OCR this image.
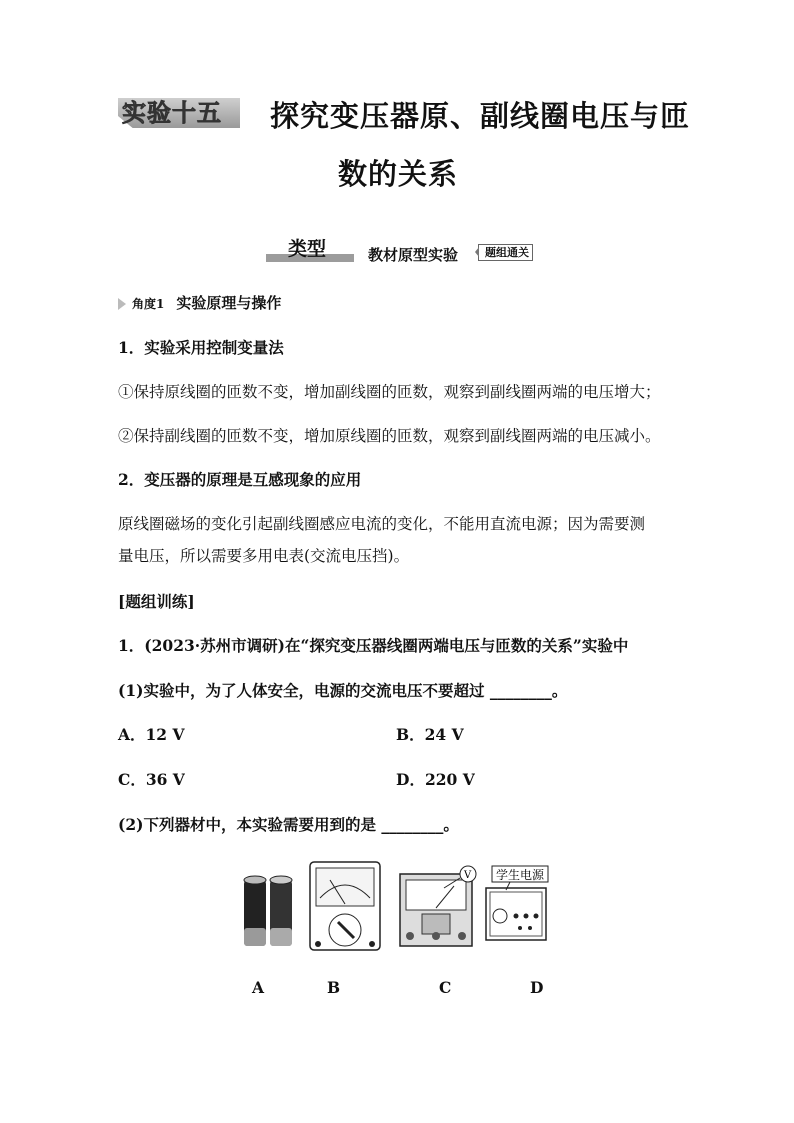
实验十五 探究变压器原、副线圈电压与匝
数的关系
类型	教材原型实验	题组通关
角度1 实验原理与操作
1．实验采用控制变量法
①保持原线圈的匝数不变，增加副线圈的匝数，观察到副线圈两端的电压增大；
②保持副线圈的匝数不变，增加原线圈的匝数，观察到副线圈两端的电压减小。
2．变压器的原理是互感现象的应用
原线圈磁场的变化引起副线圈感应电流的变化，不能用直流电源；因为需要测
量电压，所以需要多用电表(交流电压挡)。
[题组训练]
1．(2023·苏州市调研)在“探究变压器线圈两端电压与匝数的关系”实验中
(1)实验中，为了人体安全，电源的交流电压不要超过 ________。
A．12 V	B．24 V
C．36 V	D．220 V
(2)下列器材中，本实验需要用到的是 ________。
V 学生电源
A	B	C	D
